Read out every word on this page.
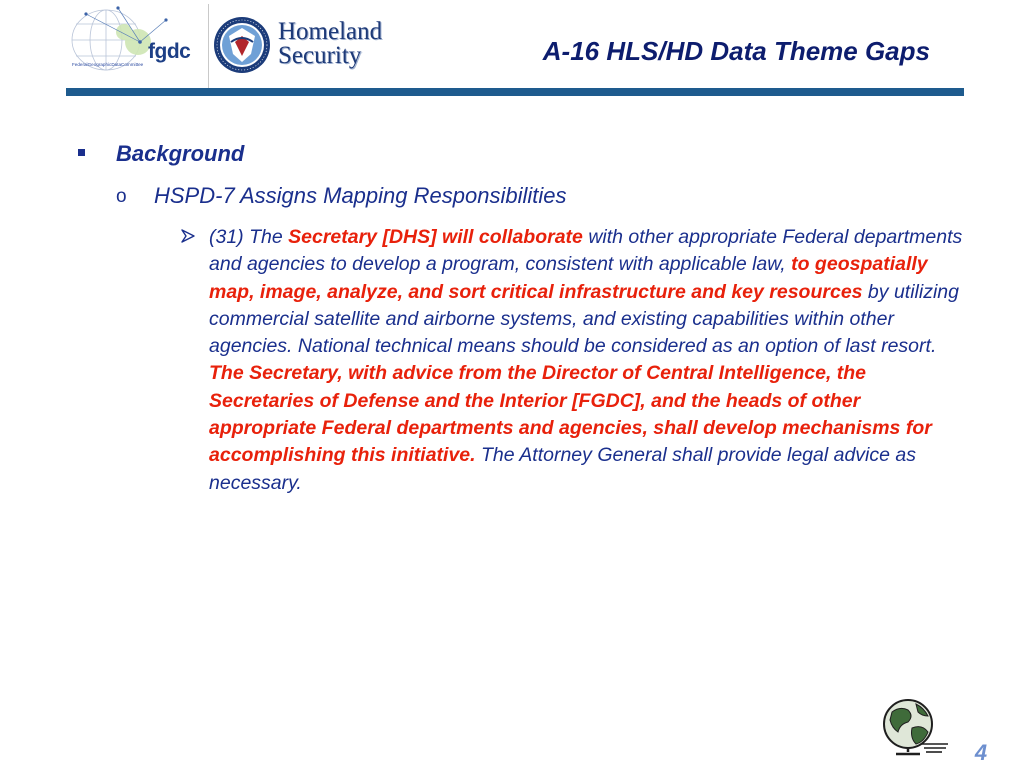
fgdc
FederalGeographicDataCommittee
Homeland
Security	A-16 HLS/HD Data Theme Gaps
Background
o HSPD-7 Assigns Mapping Responsibilities
(31) The Secretary [DHS] will collaborate with other appropriate Federal departments and agencies to develop a program, consistent with applicable law, to geospatially map, image, analyze, and sort critical infrastructure and key resources by utilizing commercial satellite and airborne systems, and existing capabilities within other agencies. National technical means should be considered as an option of last resort. The Secretary, with advice from the Director of Central Intelligence, the Secretaries of Defense and the Interior [FGDC], and the heads of other appropriate Federal departments and agencies, shall develop mechanisms for accomplishing this initiative. The Attorney General shall provide legal advice as necessary.
4
